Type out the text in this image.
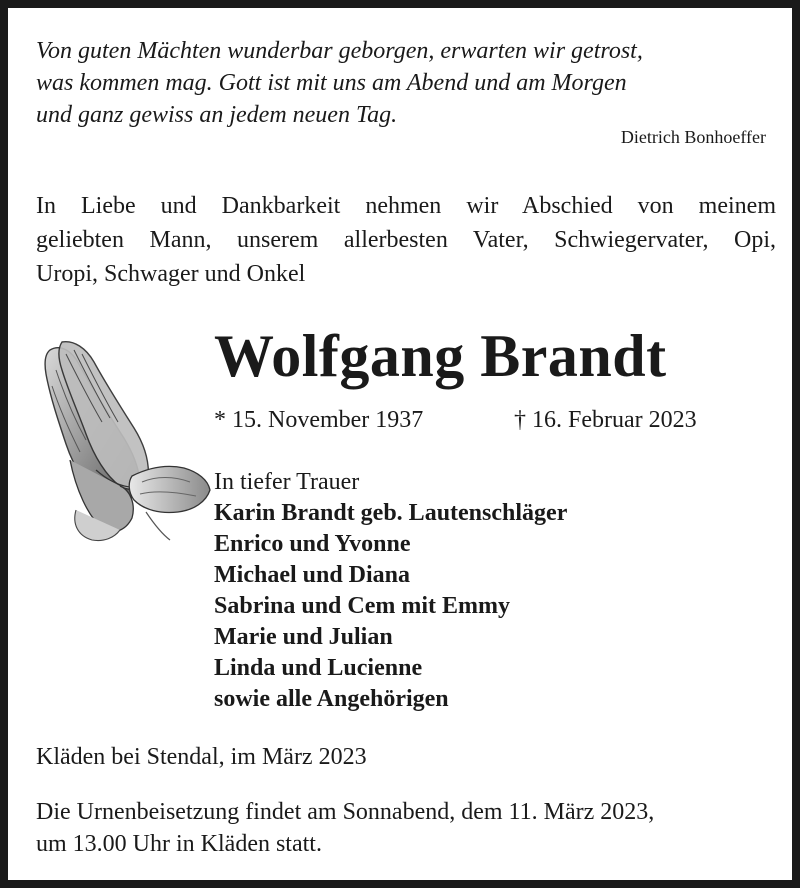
Von guten Mächten wunderbar geborgen, erwarten wir getrost,
was kommen mag. Gott ist mit uns am Abend und am Morgen
und ganz gewiss an jedem neuen Tag.

Dietrich Bonhoeffer

In Liebe und Dankbarkeit nehmen wir Abschied von meinem
geliebten Mann, unserem allerbesten Vater, Schwiegervater, Opi,
Uropi, Schwager und Onkel

Wolfgang Brandt
* 15. November 1937	† 16. Februar 2023

In tiefer Trauer
Karin Brandt geb. Lautenschläger
Enrico und Yvonne
Michael und Diana
Sabrina und Cem mit Emmy
Marie und Julian
Linda und Lucienne
sowie alle Angehörigen

Kläden bei Stendal, im März 2023

Die Urnenbeisetzung findet am Sonnabend, dem 11. März 2023,
um 13.00 Uhr in Kläden statt.
